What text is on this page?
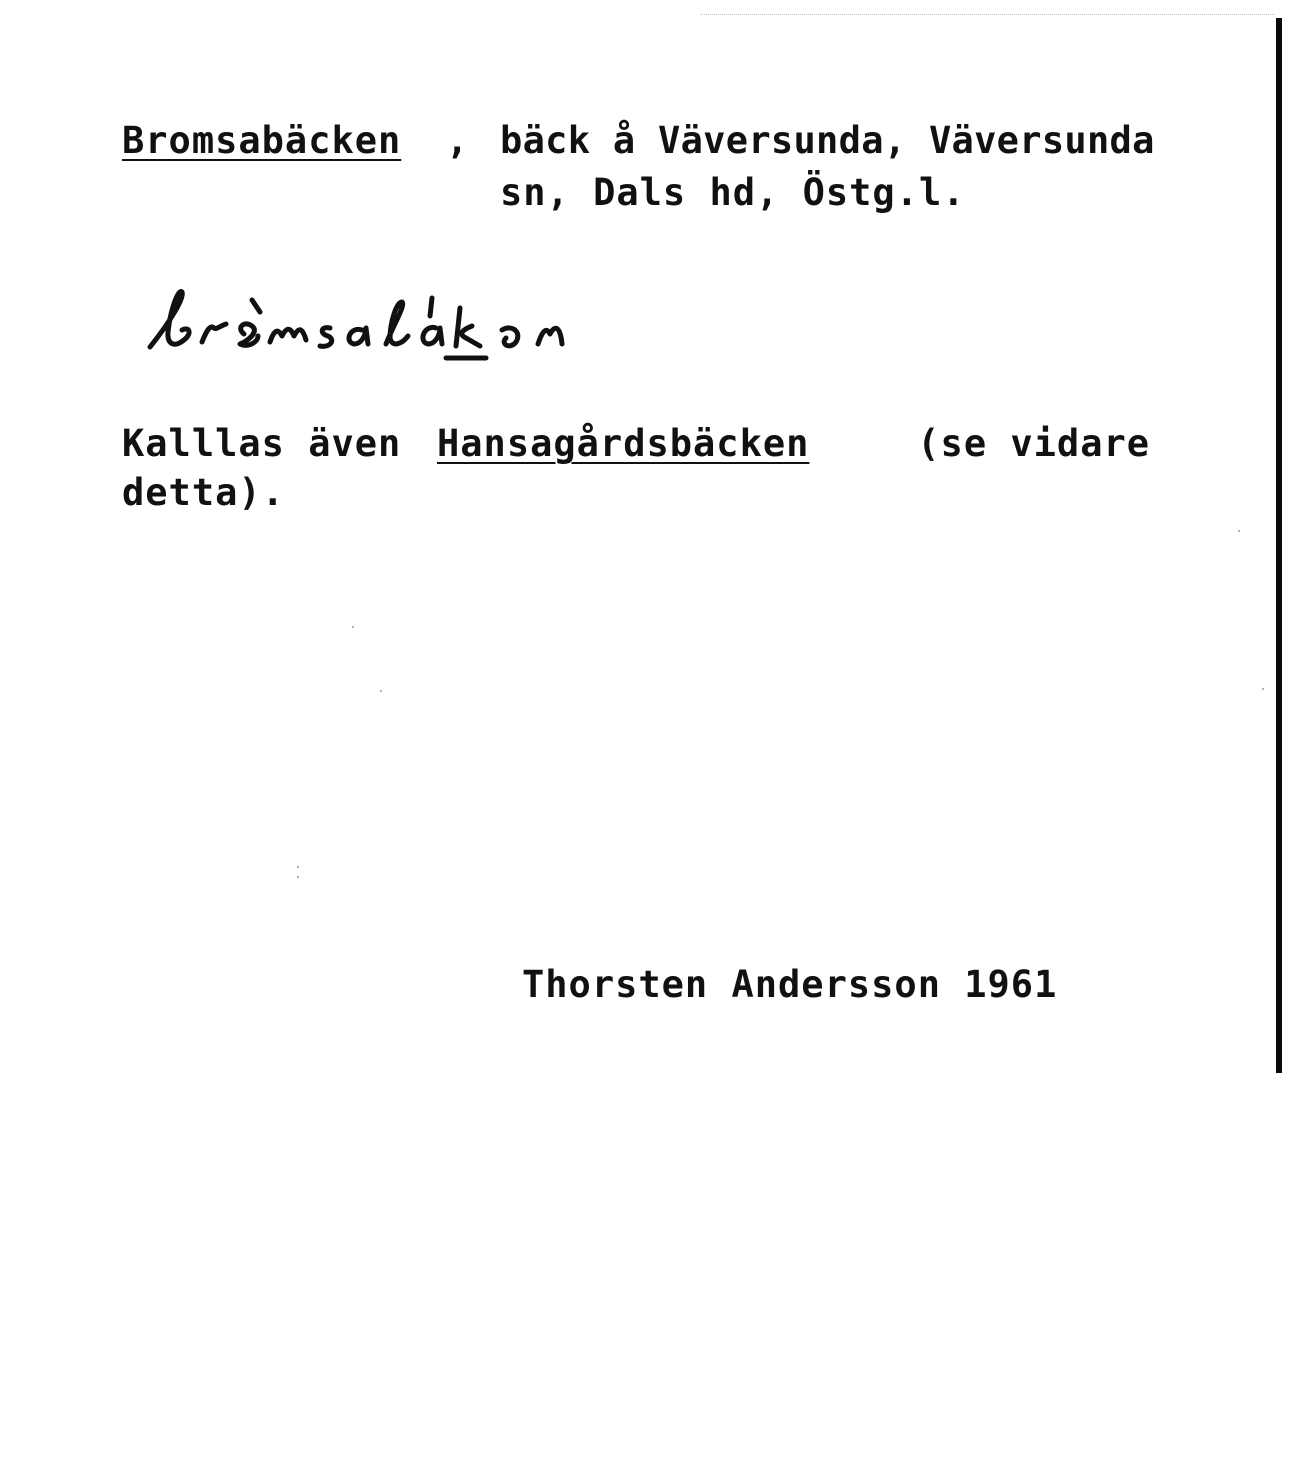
Bromsabäcken , bäck å Väversunda, Väversunda
sn, Dals hd, Östg.l.
Kalllas även Hansagårdsbäcken (se vidare
detta).
Thorsten Andersson 1961
